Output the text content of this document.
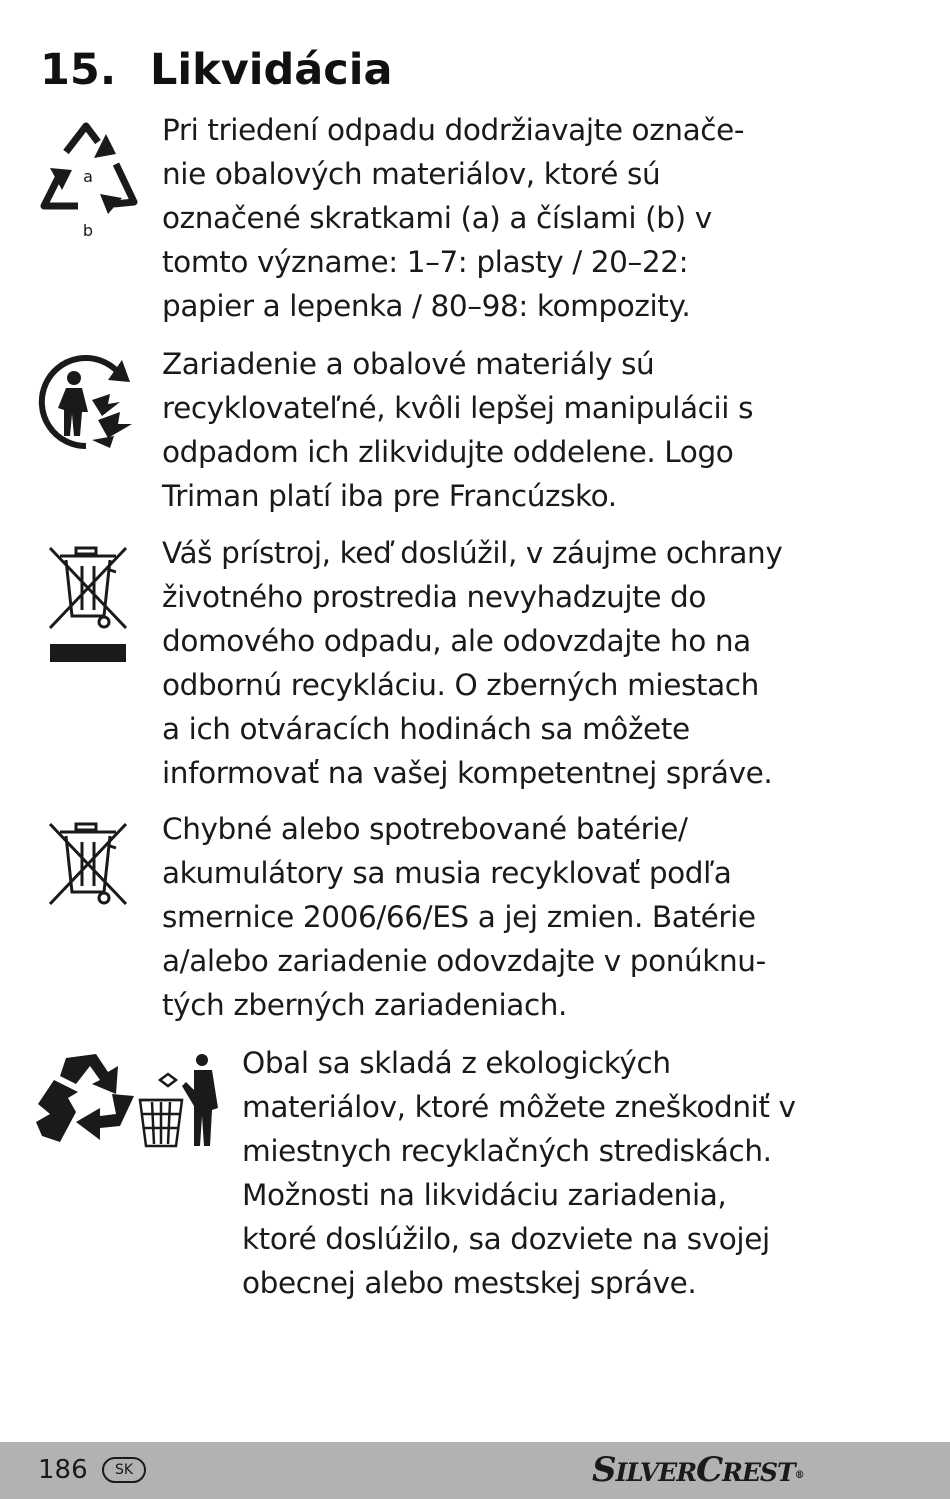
15. Likvidácia
a
b
Pri triedení odpadu dodržiavajte označe-
nie obalových materiálov, ktoré sú
označené skratkami (a) a číslami (b) v
tomto význame: 1–7: plasty / 20–22:
papier a lepenka / 80–98: kompozity.
Zariadenie a obalové materiály sú
recyklovateľné, kvôli lepšej manipulácii s
odpadom ich zlikvidujte oddelene. Logo
Triman platí iba pre Francúzsko.
Váš prístroj, keď doslúžil, v záujme ochrany
životného prostredia nevyhadzujte do
domového odpadu, ale odovzdajte ho na
odbornú recykláciu. O zberných miestach
a ich otváracích hodinách sa môžete
informovať na vašej kompetentnej správe.
Chybné alebo spotrebované batérie/
akumulátory sa musia recyklovať podľa
smernice 2006/66/ES a jej zmien. Batérie
a/alebo zariadenie odovzdajte v ponúknu-
tých zberných zariadeniach.
Obal sa skladá z ekologických
materiálov, ktoré môžete zneškodniť v
miestnych recyklačných strediskách.
Možnosti na likvidáciu zariadenia,
ktoré doslúžilo, sa dozviete na svojej
obecnej alebo mestskej správe.
186	SK	SILVERCREST®
